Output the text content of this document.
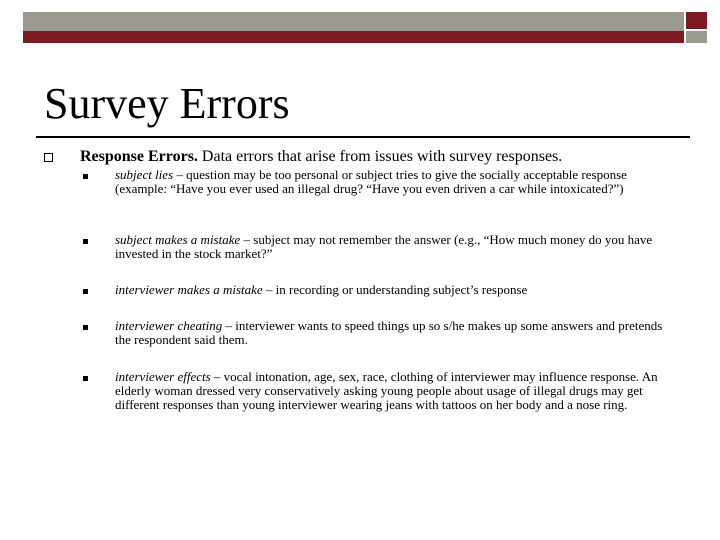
Survey Errors

Response Errors. Data errors that arise from issues with survey responses.

subject lies – question may be too personal or subject tries to give the socially acceptable response (example: “Have you ever used an illegal drug? “Have you even driven a car while intoxicated?”)

subject makes a mistake – subject may not remember the answer (e.g., “How much money do you have invested in the stock market?”

interviewer makes a mistake – in recording or understanding subject’s response

interviewer cheating – interviewer wants to speed things up so s/he makes up some answers and pretends the respondent said them.

interviewer effects – vocal intonation, age, sex, race, clothing of interviewer may influence response. An elderly woman dressed very conservatively asking young people about usage of illegal drugs may get different responses than young interviewer wearing jeans with tattoos on her body and a nose ring.
